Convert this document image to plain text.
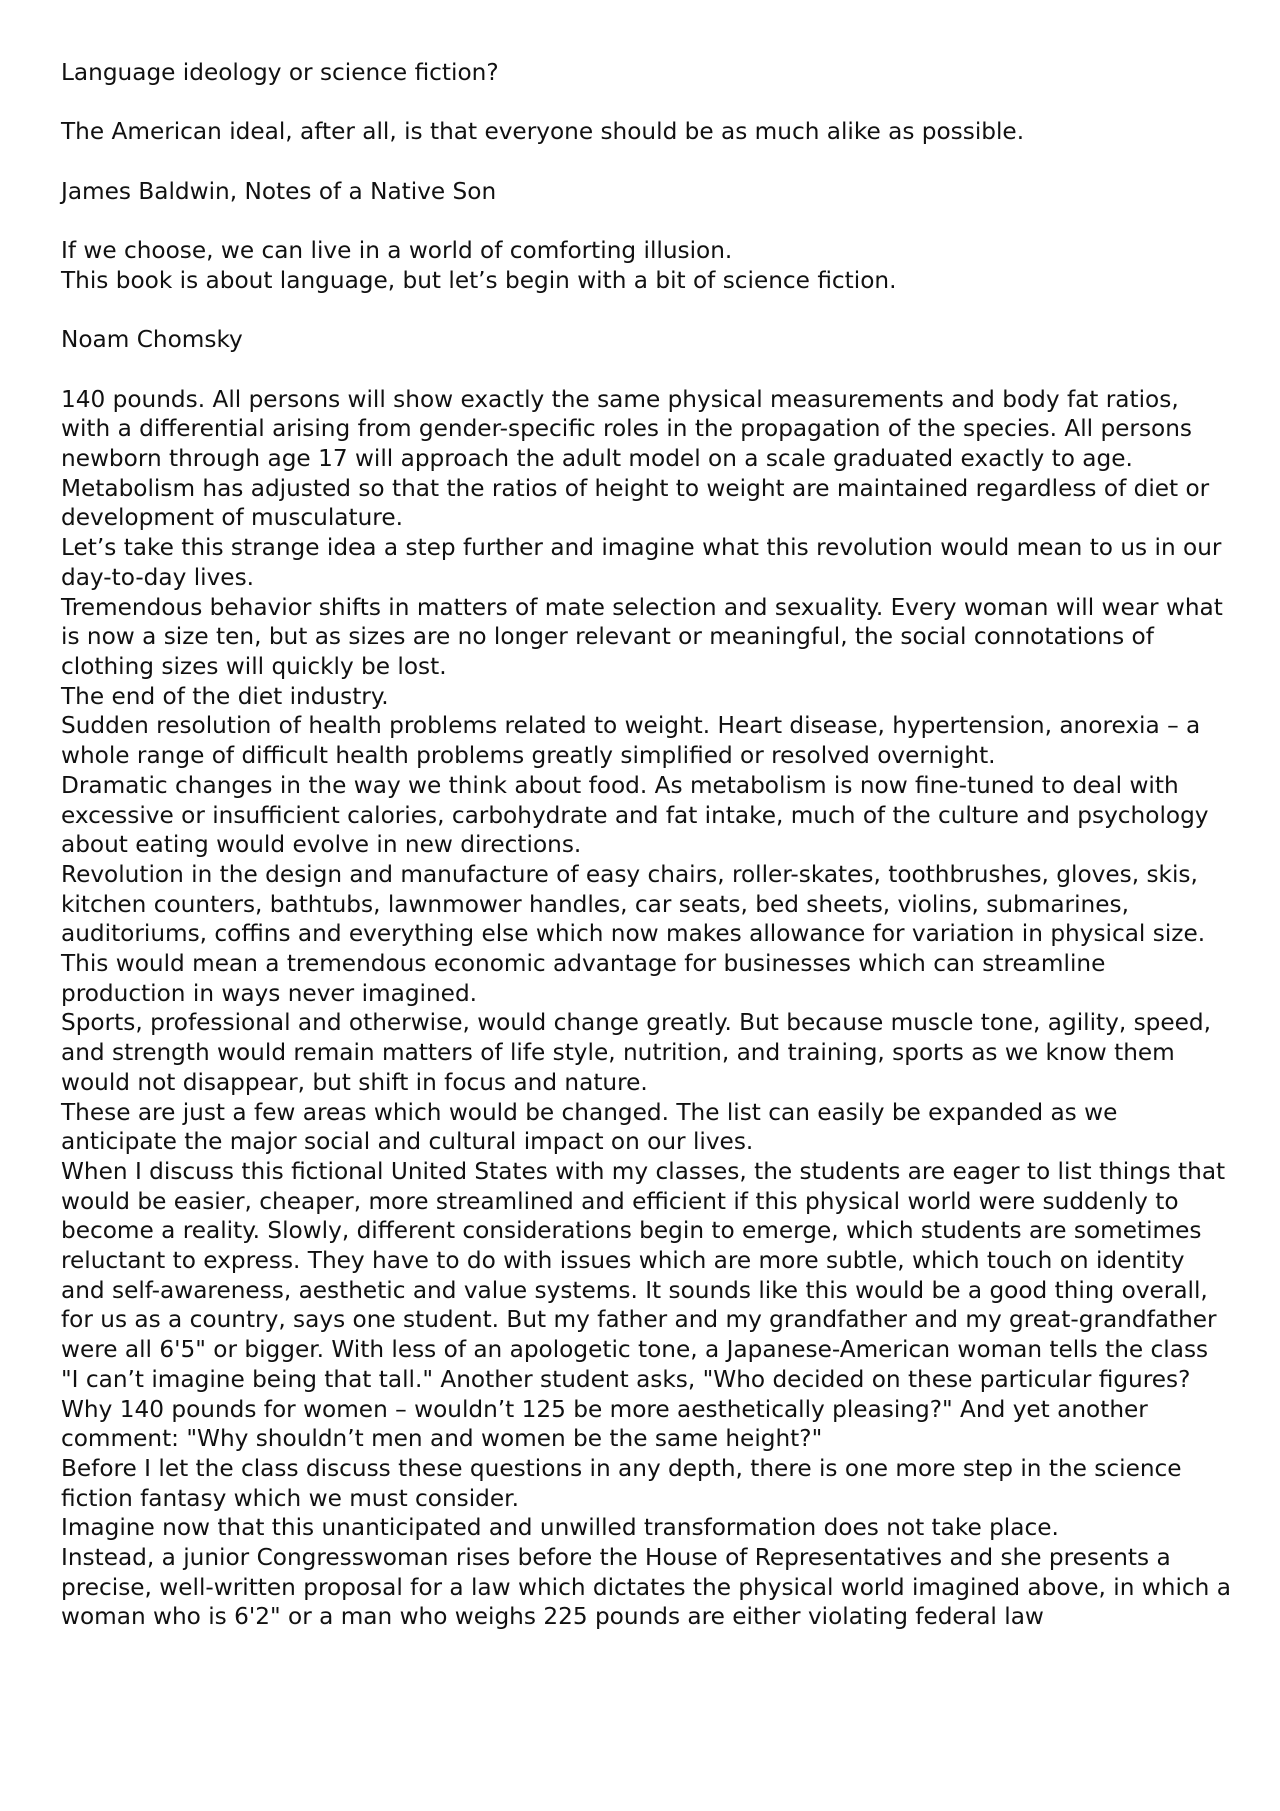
Language ideology or science fiction?

The American ideal, after all, is that everyone should be as much alike as possible.

James Baldwin, Notes of a Native Son

If we choose, we can live in a world of comforting illusion.

This book is about language, but let’s begin with a bit of science fiction.

Noam Chomsky

140 pounds. All persons will show exactly the same physical measurements and body fat ratios, with a differential arising from gender-specific roles in the propagation of the species. All persons newborn through age 17 will approach the adult model on a scale graduated exactly to age. Metabolism has adjusted so that the ratios of height to weight are maintained regardless of diet or development of musculature.

Let’s take this strange idea a step further and imagine what this revolution would mean to us in our day-to-day lives.

Tremendous behavior shifts in matters of mate selection and sexuality. Every woman will wear what is now a size ten, but as sizes are no longer relevant or meaningful, the social connotations of clothing sizes will quickly be lost.

The end of the diet industry.

Sudden resolution of health problems related to weight. Heart disease, hypertension, anorexia – a whole range of difficult health problems greatly simplified or resolved overnight.

Dramatic changes in the way we think about food. As metabolism is now fine-tuned to deal with excessive or insufficient calories, carbohydrate and fat intake, much of the culture and psychology about eating would evolve in new directions.

Revolution in the design and manufacture of easy chairs, roller-skates, toothbrushes, gloves, skis, kitchen counters, bathtubs, lawnmower handles, car seats, bed sheets, violins, submarines, auditoriums, coffins and everything else which now makes allowance for variation in physical size. This would mean a tremendous economic advantage for businesses which can streamline production in ways never imagined.

Sports, professional and otherwise, would change greatly. But because muscle tone, agility, speed, and strength would remain matters of life style, nutrition, and training, sports as we know them would not disappear, but shift in focus and nature.

These are just a few areas which would be changed. The list can easily be expanded as we anticipate the major social and cultural impact on our lives.

When I discuss this fictional United States with my classes, the students are eager to list things that would be easier, cheaper, more streamlined and efficient if this physical world were suddenly to become a reality. Slowly, different considerations begin to emerge, which students are sometimes reluctant to express. They have to do with issues which are more subtle, which touch on identity and self-awareness, aesthetic and value systems. It sounds like this would be a good thing overall, for us as a country, says one student. But my father and my grandfather and my great-grandfather were all 6'5" or bigger. With less of an apologetic tone, a Japanese-American woman tells the class "I can’t imagine being that tall." Another student asks, "Who decided on these particular figures? Why 140 pounds for women – wouldn’t 125 be more aesthetically pleasing?" And yet another comment: "Why shouldn’t men and women be the same height?"

Before I let the class discuss these questions in any depth, there is one more step in the science fiction fantasy which we must consider.

Imagine now that this unanticipated and unwilled transformation does not take place.

Instead, a junior Congresswoman rises before the House of Representatives and she presents a precise, well-written proposal for a law which dictates the physical world imagined above, in which a woman who is 6'2" or a man who weighs 225 pounds are either violating federal law
